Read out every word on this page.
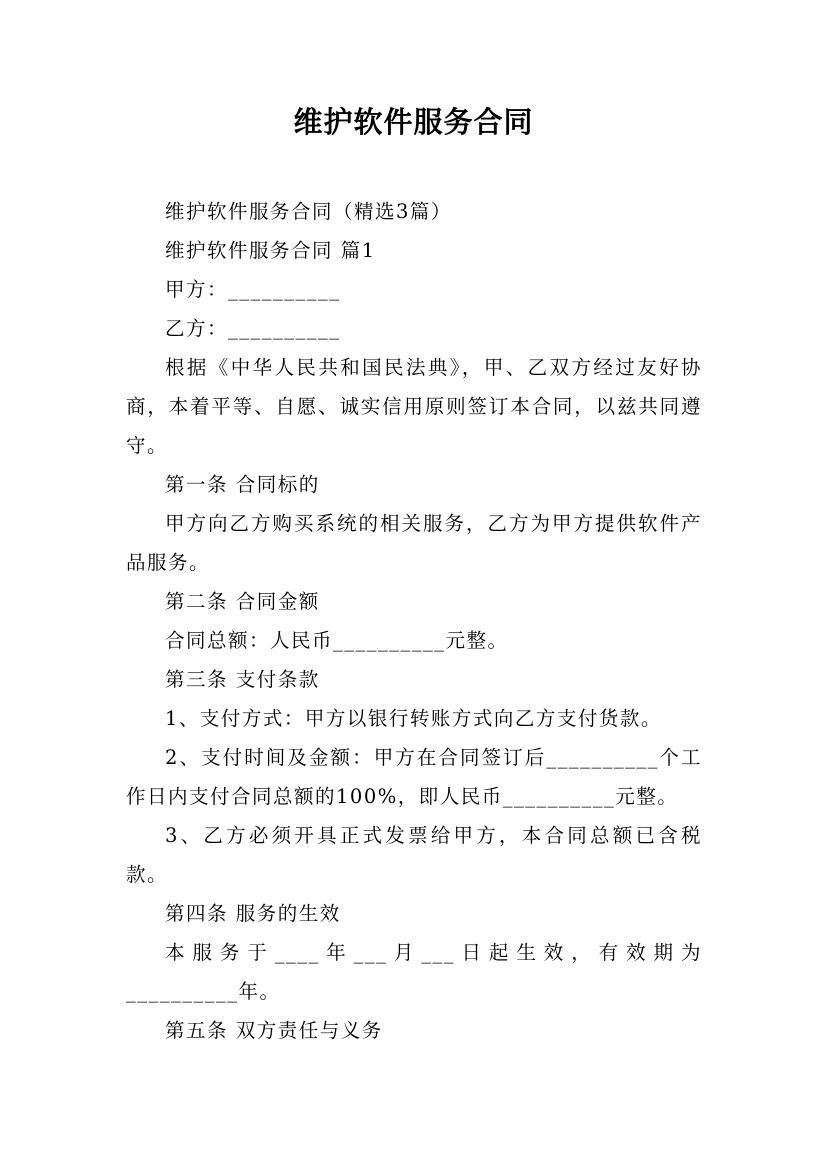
维护软件服务合同

维护软件服务合同（精选3篇）

维护软件服务合同 篇1

甲方：__________

乙方：__________

根据《中华人民共和国民法典》，甲、乙双方经过友好协商，本着平等、自愿、诚实信用原则签订本合同，以兹共同遵守。

第一条 合同标的

甲方向乙方购买系统的相关服务，乙方为甲方提供软件产品服务。

第二条 合同金额

合同总额：人民币__________元整。

第三条 支付条款

1、支付方式：甲方以银行转账方式向乙方支付货款。

2、支付时间及金额：甲方在合同签订后__________个工作日内支付合同总额的100%，即人民币__________元整。

3、乙方必须开具正式发票给甲方，本合同总额已含税款。

第四条 服务的生效

本服务于____年___月___日起生效，有效期为__________年。

第五条 双方责任与义务
